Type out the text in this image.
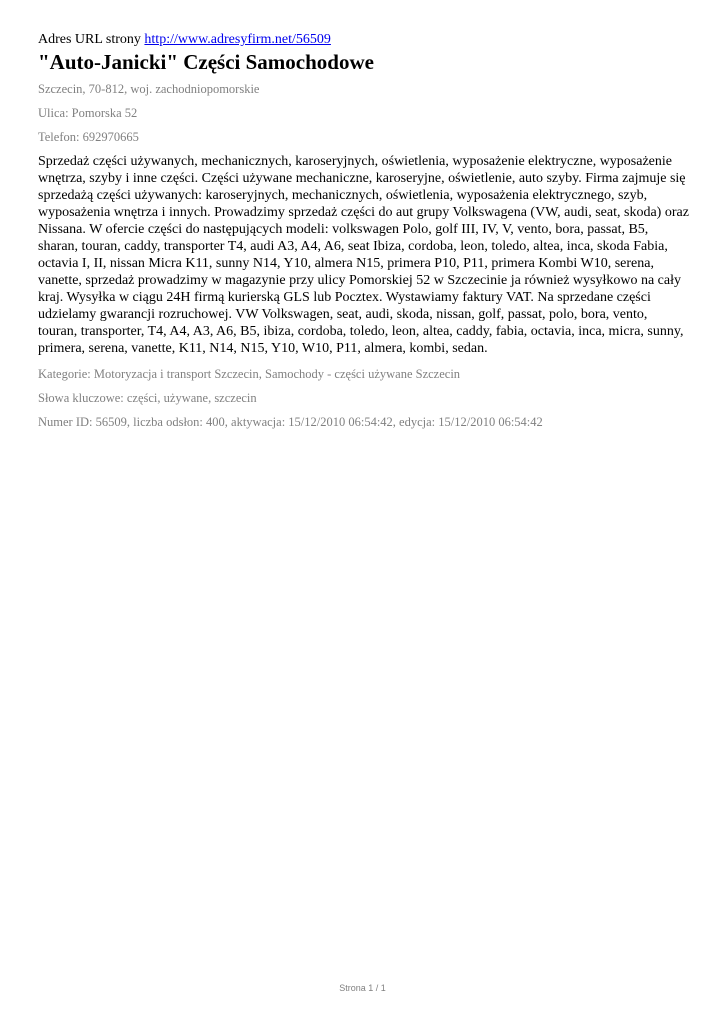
Adres URL strony http://www.adresyfirm.net/56509

"Auto-Janicki" Części Samochodowe

Szczecin, 70-812, woj. zachodniopomorskie

Ulica: Pomorska 52

Telefon: 692970665

Sprzedaż części używanych, mechanicznych, karoseryjnych, oświetlenia, wyposażenie elektryczne, wyposażenie wnętrza, szyby i inne części. Części używane mechaniczne, karoseryjne, oświetlenie, auto szyby. Firma zajmuje się sprzedażą części używanych: karoseryjnych, mechanicznych, oświetlenia, wyposażenia elektrycznego, szyb, wyposażenia wnętrza i innych. Prowadzimy sprzedaż części do aut grupy Volkswagena (VW, audi, seat, skoda) oraz Nissana. W ofercie części do następujących modeli: volkswagen Polo, golf III, IV, V, vento, bora, passat, B5, sharan, touran, caddy, transporter T4, audi A3, A4, A6, seat Ibiza, cordoba, leon, toledo, altea, inca, skoda Fabia, octavia I, II, nissan Micra K11, sunny N14, Y10, almera N15, primera P10, P11, primera Kombi W10, serena, vanette, sprzedaż prowadzimy w magazynie przy ulicy Pomorskiej 52 w Szczecinie ja również wysyłkowo na cały kraj. Wysyłka w ciągu 24H firmą kurierską GLS lub Pocztex. Wystawiamy faktury VAT. Na sprzedane części udzielamy gwarancji rozruchowej. VW Volkswagen, seat, audi, skoda, nissan, golf, passat, polo, bora, vento, touran, transporter, T4, A4, A3, A6, B5, ibiza, cordoba, toledo, leon, altea, caddy, fabia, octavia, inca, micra, sunny, primera, serena, vanette, K11, N14, N15, Y10, W10, P11, almera, kombi, sedan.

Kategorie: Motoryzacja i transport Szczecin, Samochody - części używane Szczecin

Słowa kluczowe: części, używane, szczecin

Numer ID: 56509, liczba odsłon: 400, aktywacja: 15/12/2010 06:54:42, edycja: 15/12/2010 06:54:42

Strona 1 / 1
